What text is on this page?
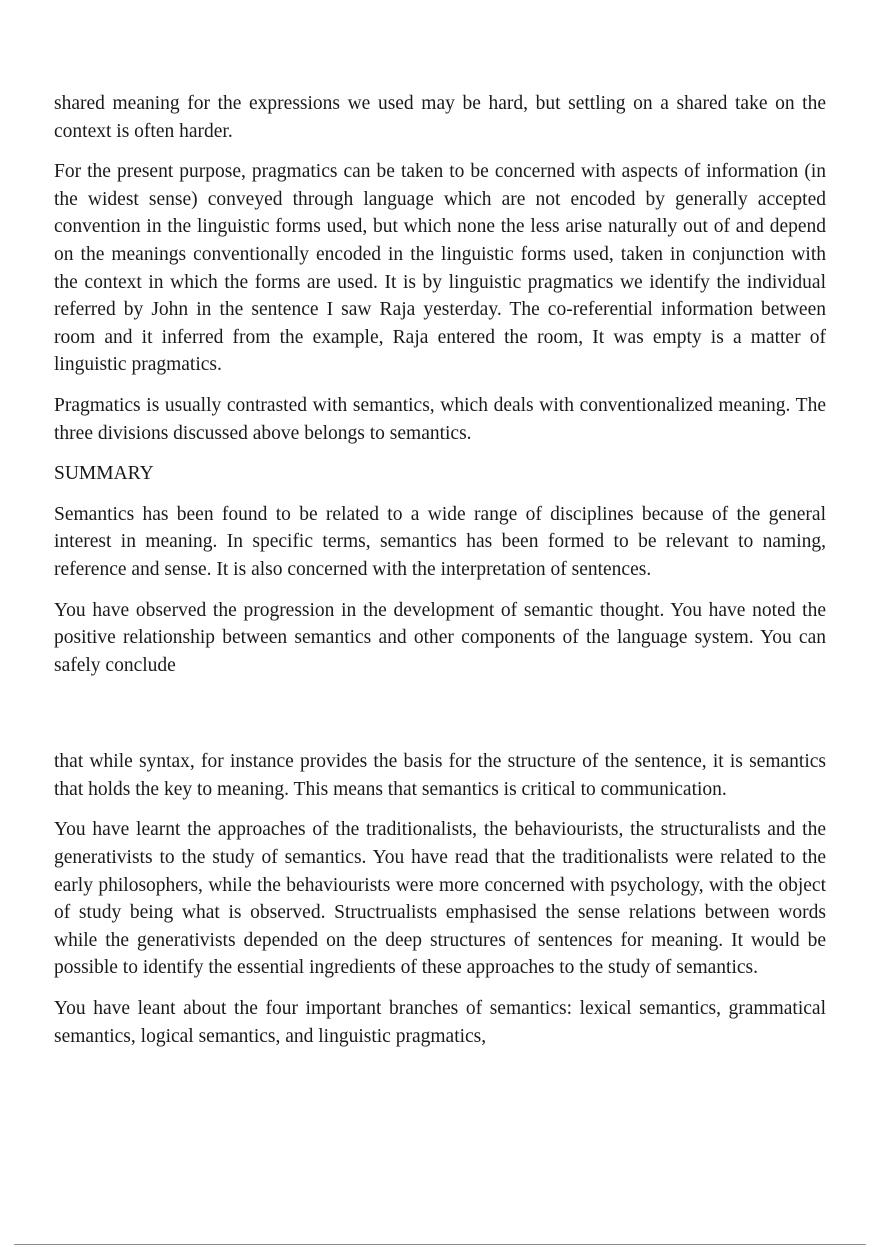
shared meaning for the expressions we used may be hard, but settling on a shared take on the context is often harder.

For the present purpose, pragmatics can be taken to be concerned with aspects of information (in the widest sense) conveyed through language which are not encoded by generally accepted convention in the linguistic forms used, but which none the less arise naturally out of and depend on the meanings conventionally encoded in the linguistic forms used, taken in conjunction with the context in which the forms are used. It is by linguistic pragmatics we identify the individual referred by John in the sentence I saw Raja yesterday. The co-referential information between room and it inferred from the example, Raja entered the room, It was empty is a matter of linguistic pragmatics.

Pragmatics is usually contrasted with semantics, which deals with conventionalized meaning. The three divisions discussed above belongs to semantics.

SUMMARY

Semantics has been found to be related to a wide range of disciplines because of the general interest in meaning. In specific terms, semantics has been formed to be relevant to naming, reference and sense. It is also concerned with the interpretation of sentences.

You have observed the progression in the development of semantic thought. You have noted the positive relationship between semantics and other components of the language system. You can safely conclude

that while syntax, for instance provides the basis for the structure of the sentence, it is semantics that holds the key to meaning. This means that semantics is critical to communication.

You have learnt the approaches of the traditionalists, the behaviourists, the structuralists and the generativists to the study of semantics. You have read that the traditionalists were related to the early philosophers, while the behaviourists were more concerned with psychology, with the object of study being what is observed. Structrualists emphasised the sense relations between words while the generativists depended on the deep structures of sentences for meaning. It would be possible to identify the essential ingredients of these approaches to the study of semantics.

You have leant about the four important branches of semantics: lexical semantics, grammatical semantics, logical semantics, and linguistic pragmatics,
